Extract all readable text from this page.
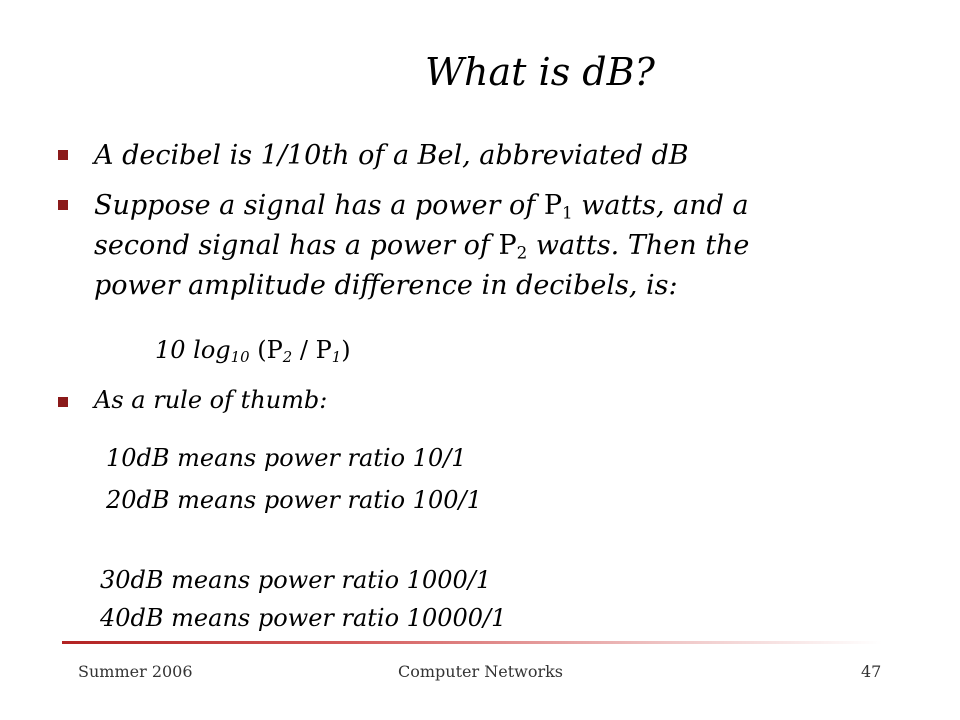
What is dB?
A decibel is 1/10th of a Bel, abbreviated dB
Suppose a signal has a power of P1 watts, and a
second signal has a power of P2 watts. Then the
power amplitude difference in decibels, is:
10 $\log_{10} (P_2 / P_1)$
As a rule of thumb:
10dB means power ratio 10/1
20dB means power ratio 100/1
30dB means power ratio 1000/1
40dB means power ratio 10000/1
Summer 2006	Computer Networks	47
